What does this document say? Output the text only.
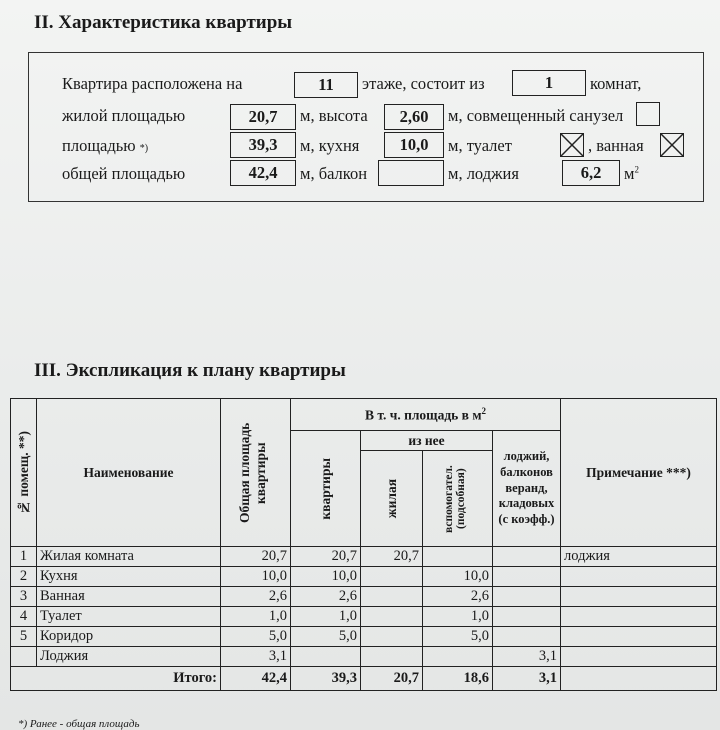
II. Характеристика квартиры
Квартира расположена на	11	этаже, состоит из	1	комнат,
жилой площадью	20,7	м, высота	2,60	м, совмещенный санузел
площадью *)	39,3	м, кухня	10,0	м, туалет	, ванная
общей площадью	42,4	м, балкон	м, лоджия	6,2	$м^2$
III. Экспликация к плану квартиры
№ помещ. **)	Наименование	Общая площадь квартиры	В т. ч. площадь в $м^2$				Примечание ***)

			квартиры	из нее		лоджий, балконов веранд, кладовых (с коэфф.)	

				жилая	вспомогател. (подсобная)		

1	Жилая комната	20,7	20,7	20,7			лоджия
2	Кухня	10,0	10,0		10,0		
3	Ванная	2,6	2,6		2,6		
4	Туалет	1,0	1,0		1,0		
5	Коридор	5,0	5,0		5,0		
	Лоджия	3,1				3,1	
Итого:		42,4	39,3	20,7	18,6	3,1	
*) Ранее - общая площадь
